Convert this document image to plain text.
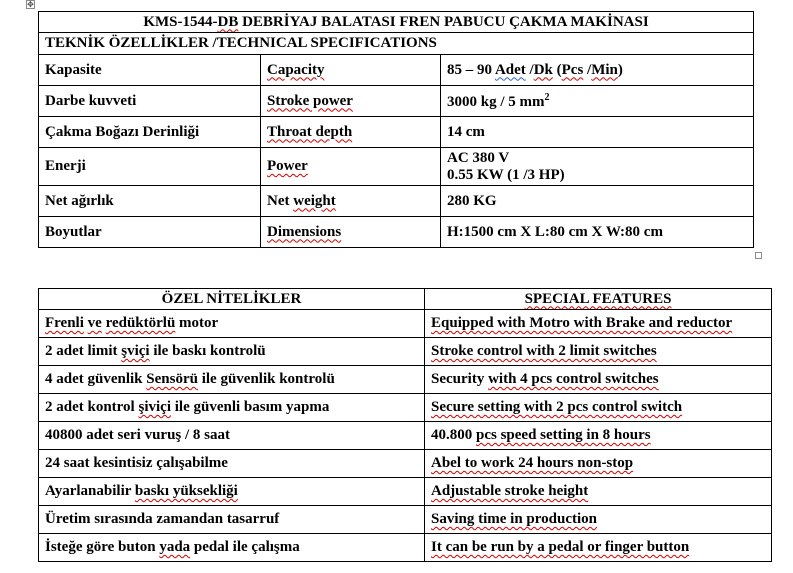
✥
KMS-1544-DB DEBRİYAJ BALATASI FREN PABUCU ÇAKMA MAKİNASI		
TEKNİK ÖZELLİKLER /TECHNICAL SPECIFICATIONS		
Kapasite	Capacity	85 – 90 Adet /Dk (Pcs /Min)
Darbe kuvveti	Stroke power	3000 kg / 5 $mm^2$
Çakma Boğazı Derinliği	Throat depth	14 cm
Enerji	Power	AC 380 V
0.55 KW (1 /3 HP)

Net ağırlık	Net weight	280 KG
Boyutlar	Dimensions	H:1500 cm X L:80 cm X W:80 cm
ÖZEL NİTELİKLER	SPECIAL FEATURES
Frenli ve redüktörlü motor	Equipped with Motro with Brake and reductor
2 adet limit şviçi ile baskı kontrolü	Stroke control with 2 limit switches
4 adet güvenlik Sensörü ile güvenlik kontrolü	Security with 4 pcs control switches
2 adet kontrol şiviçi ile güvenli basım yapma	Secure setting with 2 pcs control switch
40800 adet seri vuruş / 8 saat	40.800 pcs speed setting in 8 hours
24 saat kesintisiz çalışabilme	Abel to work 24 hours non-stop
Ayarlanabilir baskı yüksekliği	Adjustable stroke height
Üretim sırasında zamandan tasarruf	Saving time in production
İsteğe göre buton yada pedal ile çalışma	It can be run by a pedal or finger button
